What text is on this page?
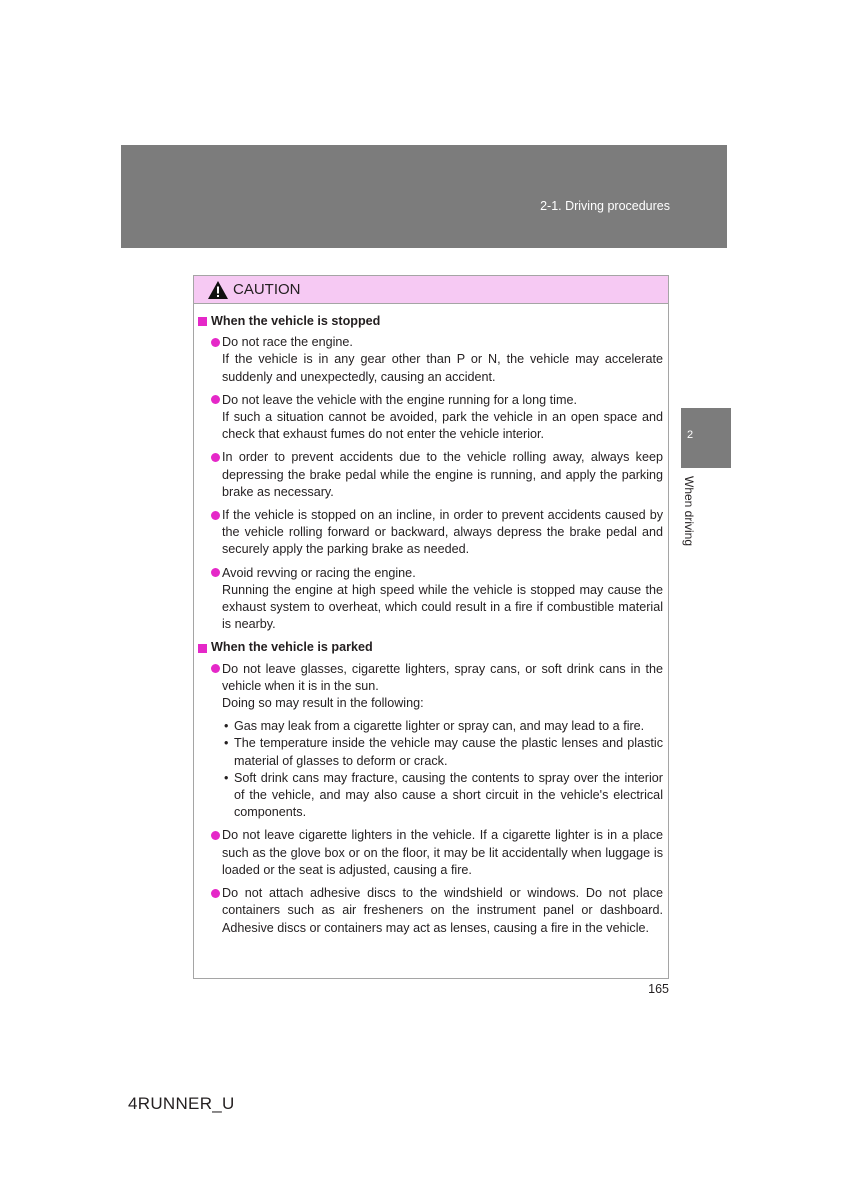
2-1. Driving procedures
2
When driving
CAUTION
When the vehicle is stopped
Do not race the engine.
If the vehicle is in any gear other than P or N, the vehicle may accelerate suddenly and unexpectedly, causing an accident.
Do not leave the vehicle with the engine running for a long time.
If such a situation cannot be avoided, park the vehicle in an open space and check that exhaust fumes do not enter the vehicle interior.
In order to prevent accidents due to the vehicle rolling away, always keep depressing the brake pedal while the engine is running, and apply the parking brake as necessary.
If the vehicle is stopped on an incline, in order to prevent accidents caused by the vehicle rolling forward or backward, always depress the brake pedal and securely apply the parking brake as needed.
Avoid revving or racing the engine.
Running the engine at high speed while the vehicle is stopped may cause the exhaust system to overheat, which could result in a fire if combustible material is nearby.
When the vehicle is parked
Do not leave glasses, cigarette lighters, spray cans, or soft drink cans in the vehicle when it is in the sun.
Doing so may result in the following:
• Gas may leak from a cigarette lighter or spray can, and may lead to a fire.
• The temperature inside the vehicle may cause the plastic lenses and plastic material of glasses to deform or crack.
• Soft drink cans may fracture, causing the contents to spray over the interior of the vehicle, and may also cause a short circuit in the vehicle's electrical components.
Do not leave cigarette lighters in the vehicle. If a cigarette lighter is in a place such as the glove box or on the floor, it may be lit accidentally when luggage is loaded or the seat is adjusted, causing a fire.
Do not attach adhesive discs to the windshield or windows. Do not place containers such as air fresheners on the instrument panel or dashboard. Adhesive discs or containers may act as lenses, causing a fire in the vehicle.
165
4RUNNER_U
